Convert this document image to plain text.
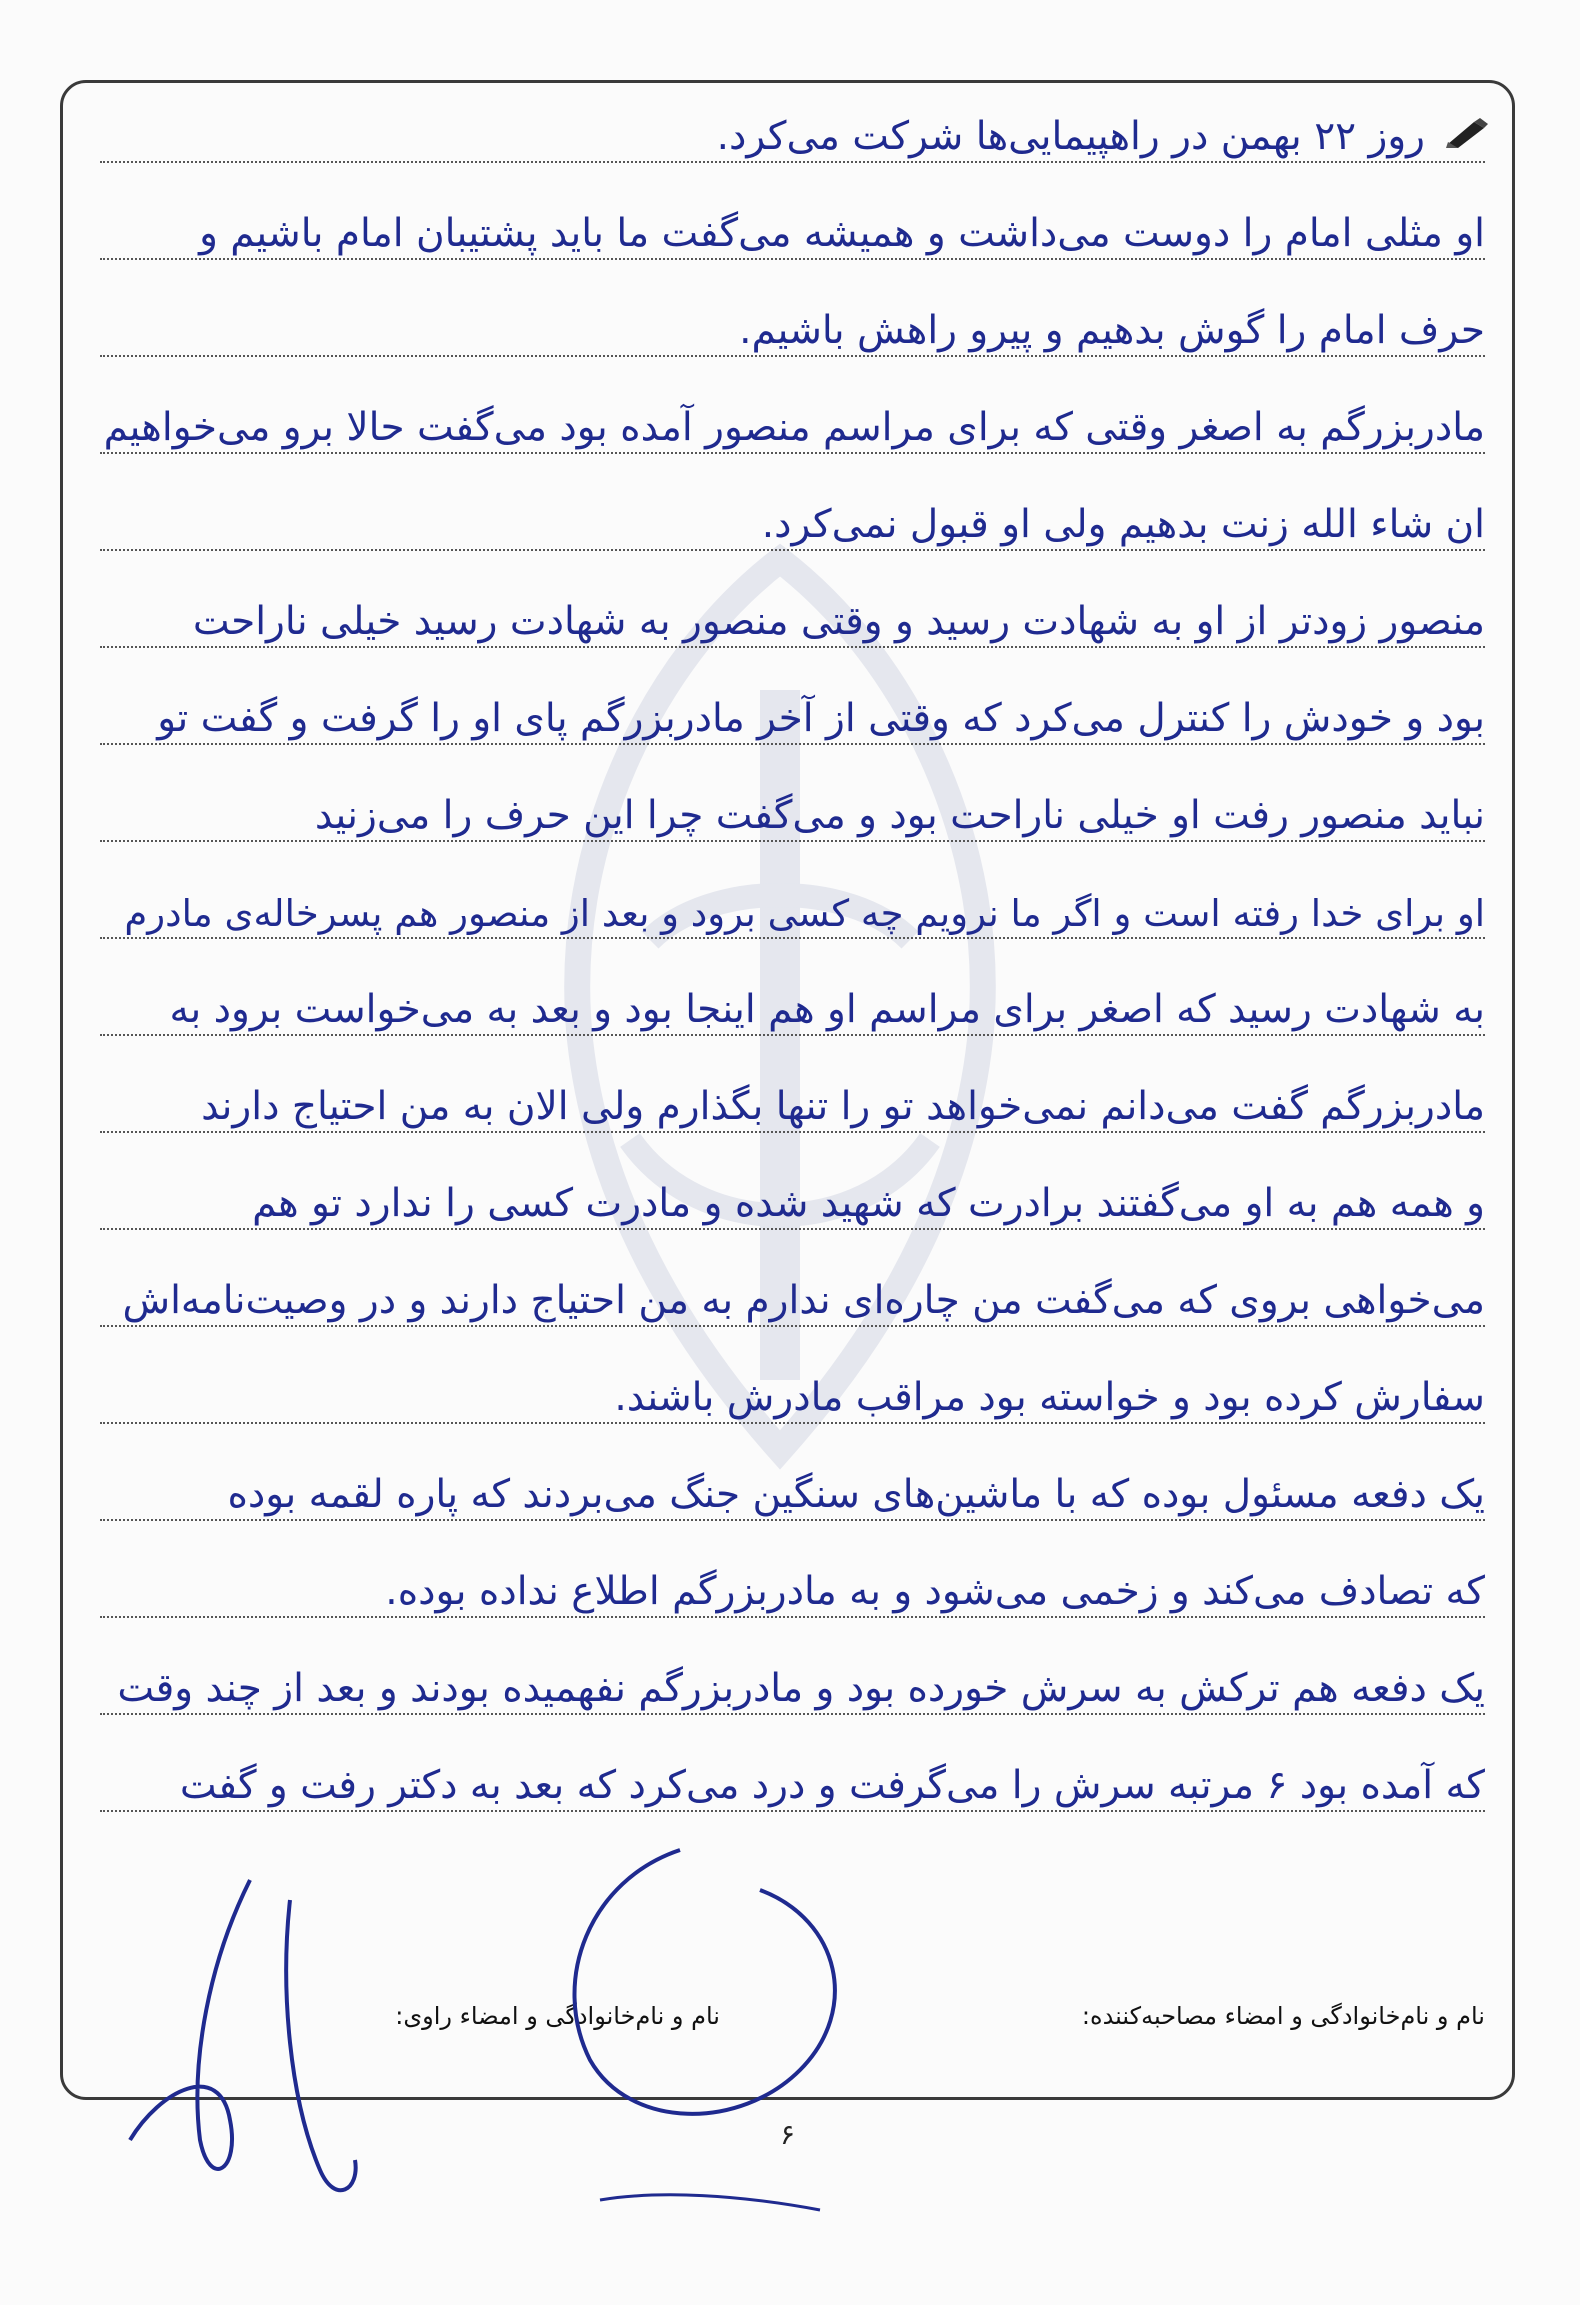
روز ۲۲ بهمن در راهپیمایی‌ها شرکت می‌کرد.
او مثلی امام را دوست می‌داشت و همیشه می‌گفت ما باید پشتیبان امام باشیم و
حرف امام را گوش بدهیم و پیرو راهش باشیم.
مادربزرگم به اصغر وقتی که برای مراسم منصور آمده بود می‌گفت حالا برو می‌خواهیم
ان شاء الله زنت بدهیم ولی او قبول نمی‌کرد.
منصور زودتر از او به شهادت رسید و وقتی منصور به شهادت رسید خیلی ناراحت
بود و خودش را کنترل می‌کرد که وقتی از آخر مادربزرگم پای او را گرفت و گفت تو
نباید منصور رفت او خیلی ناراحت بود و می‌گفت چرا این حرف را می‌زنید
او برای خدا رفته است و اگر ما نرویم چه کسی برود و بعد از منصور هم پسرخاله‌ی مادرم
به شهادت رسید که اصغر برای مراسم او هم اینجا بود و بعد به می‌خواست برود به
مادربزرگم گفت می‌دانم نمی‌خواهد تو را تنها بگذارم ولی الان به من احتیاج دارند
و همه هم به او می‌گفتند برادرت که شهید شده و مادرت کسی را ندارد تو هم
می‌خواهی بروی که می‌گفت من چاره‌ای ندارم به من احتیاج دارند و در وصیت‌نامه‌اش
سفارش کرده بود و خواسته بود مراقب مادرش باشند.
یک دفعه مسئول بوده که با ماشین‌های سنگین جنگ می‌بردند که پاره لقمه بوده
که تصادف می‌کند و زخمی می‌شود و به مادربزرگم اطلاع نداده بوده.
یک دفعه هم ترکش به سرش خورده بود و مادربزرگم نفهمیده بودند و بعد از چند وقت
که آمده بود ۶ مرتبه سرش را می‌گرفت و درد می‌کرد که بعد به دکتر رفت و گفت
نام و نام‌خانوادگی و امضاء مصاحبه‌کننده:
نام و نام‌خانوادگی و امضاء راوی:
۶
